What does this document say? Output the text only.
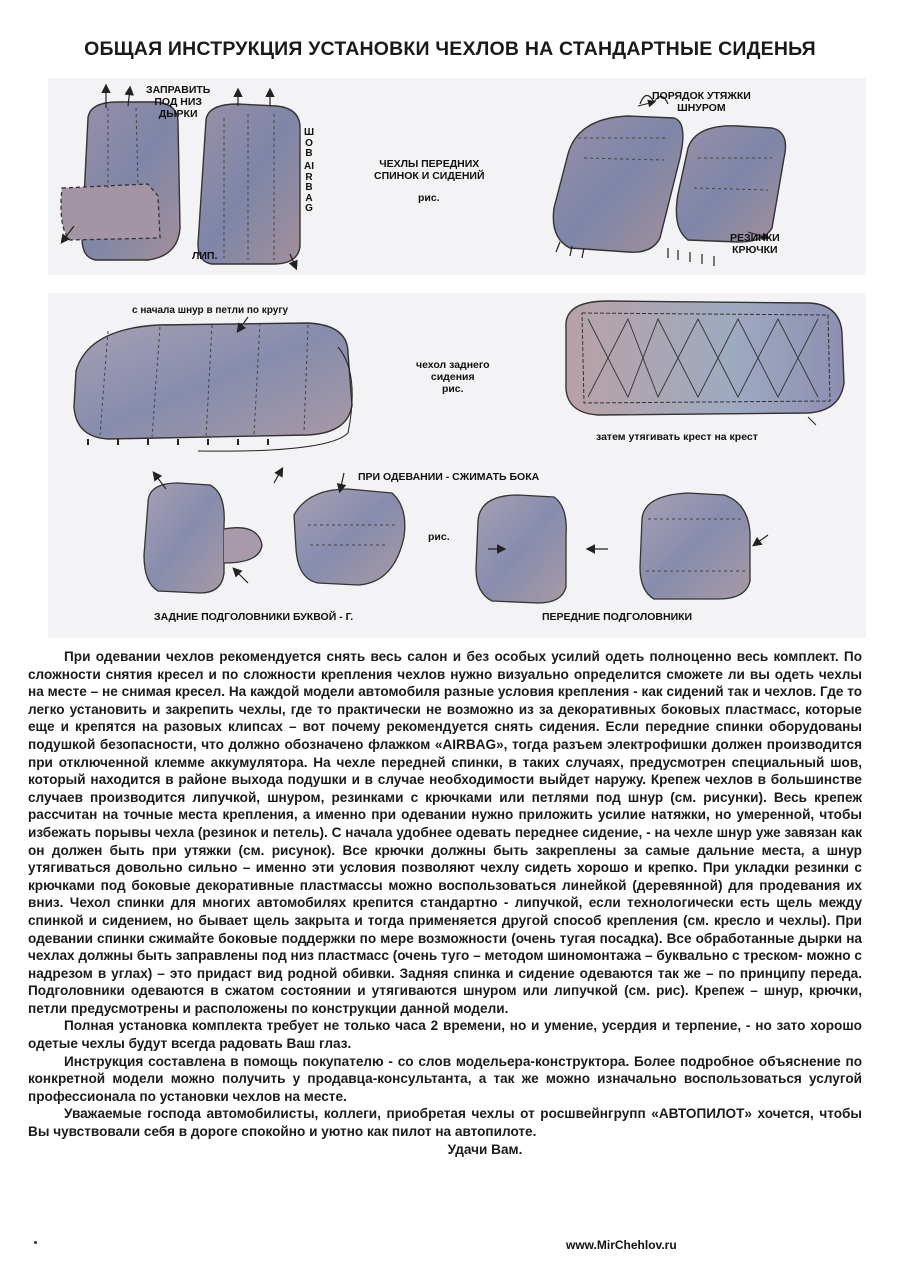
ОБЩАЯ ИНСТРУКЦИЯ УСТАНОВКИ ЧЕХЛОВ НА СТАНДАРТНЫЕ СИДЕНЬЯ
ЗАПРАВИТЬ
ПОД НИЗ
ДЫРКИ
ЛИП.
ШОВ
AIRBAG
ЧЕХЛЫ ПЕРЕДНИХ
СПИНОК И СИДЕНИЙ
рис.
ПОРЯДОК УТЯЖКИ
ШНУРОМ
РЕЗИНКИ
КРЮЧКИ
с начала шнур в петли по кругу
чехол заднего
сидения
рис.
затем утягивать крест на крест
ПРИ ОДЕВАНИИ - СЖИМАТЬ БОКА
рис.
ЗАДНИЕ ПОДГОЛОВНИКИ БУКВОЙ - Г.	ПЕРЕДНИЕ ПОДГОЛОВНИКИ

При одевании чехлов рекомендуется снять весь салон и без особых усилий одеть полноценно весь комплект. По сложности снятия кресел и по сложности крепления чехлов нужно визуально определится сможете ли вы одеть чехлы на месте – не снимая кресел. На каждой модели автомобиля разные условия крепления - как сидений так и чехлов. Где то легко установить и закрепить чехлы, где то практически не возможно из за декоративных боковых пластмасс, которые еще и крепятся на разовых клипсах – вот почему рекомендуется снять сидения. Если передние спинки оборудованы подушкой безопасности, что должно обозначено флажком «AIRBAG», тогда разъем электрофишки должен производится при отключенной клемме аккумулятора. На чехле передней спинки, в таких случаях, предусмотрен специальный шов, который находится в районе выхода подушки и в случае необходимости выйдет наружу. Крепеж чехлов в большинстве случаев производится липучкой, шнуром, резинками с крючками или петлями под шнур (см. рисунки). Весь крепеж рассчитан на точные места крепления, а именно при одевании нужно приложить усилие натяжки, но умеренной, чтобы избежать порывы чехла (резинок и петель). С начала удобнее одевать переднее сидение, - на чехле шнур уже завязан как он должен быть при утяжки (см. рисунок). Все крючки должны быть закреплены за самые дальние места, а шнур утягиваться довольно сильно – именно эти условия позволяют чехлу сидеть хорошо и крепко. При укладки резинки с крючками под боковые декоративные пластмассы можно воспользоваться линейкой (деревянной) для продевания их вниз. Чехол спинки для многих автомобилях крепится стандартно - липучкой, если технологически есть щель между спинкой и сидением, но бывает щель закрыта и тогда применяется другой способ крепления (см. кресло и чехлы). При одевании спинки сжимайте боковые поддержки по мере возможности (очень тугая посадка). Все обработанные дырки на чехлах должны быть заправлены под низ пластмасс (очень туго – методом шиномонтажа – буквально с треском- можно с надрезом в углах) – это придаст вид родной обивки. Задняя спинка и сидение одеваются так же – по принципу переда. Подголовники одеваются в сжатом состоянии и утягиваются шнуром или липучкой (см. рис). Крепеж – шнур, крючки, петли предусмотрены и расположены по конструкции данной модели.

Полная установка комплекта требует не только часа 2 времени, но и умение, усердия и терпение, - но зато хорошо одетые чехлы будут всегда радовать Ваш глаз.

Инструкция составлена в помощь покупателю - со слов модельера-конструктора. Более подробное объяснение по конкретной модели можно получить у продавца-консультанта, а так же можно изначально воспользоваться услугой профессионала по установки чехлов на месте.

Уважаемые господа автомобилисты, коллеги, приобретая чехлы от росшвейнгрупп «АВТОПИЛОТ» хочется, чтобы Вы чувствовали себя в дороге спокойно и уютно как пилот на автопилоте.

Удачи Вам.

www.MirChehlov.ru
